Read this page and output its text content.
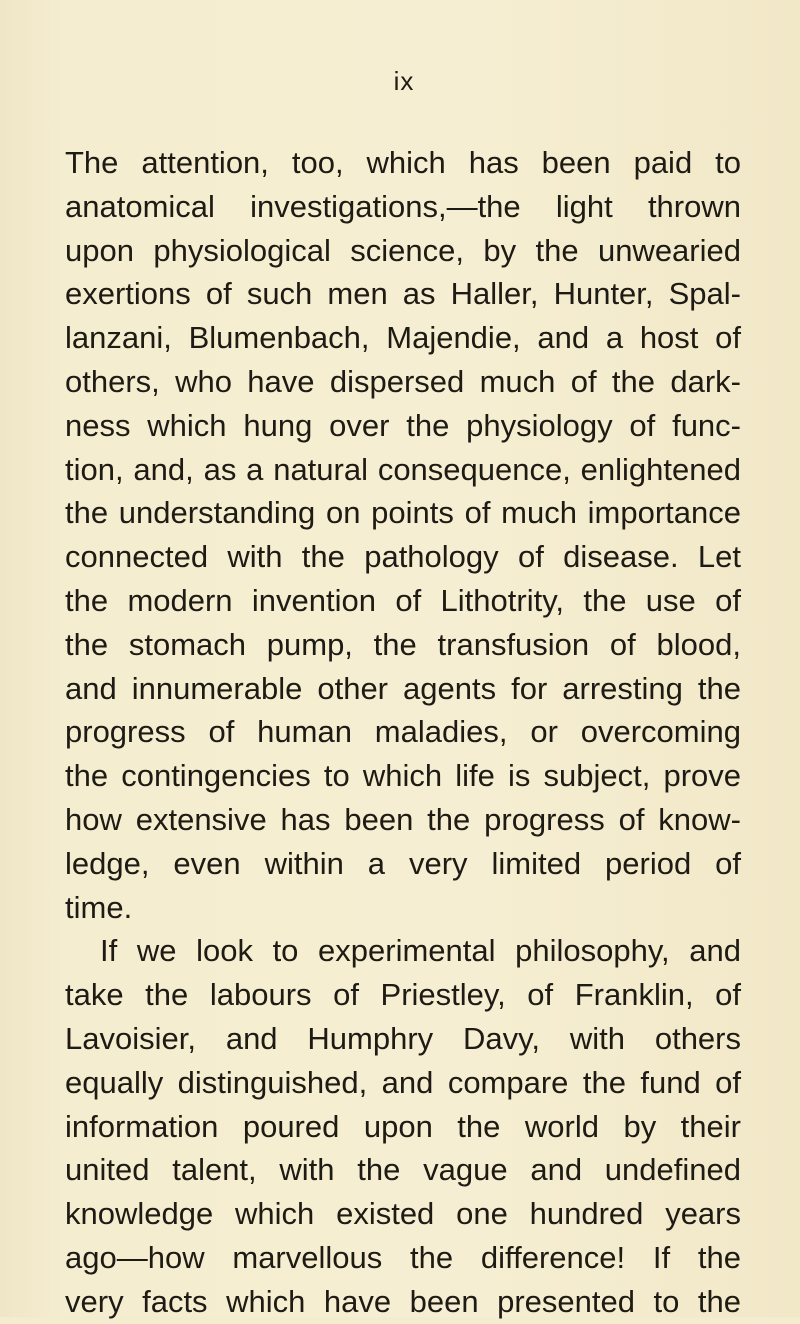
ix
The attention, too, which has been paid to
anatomical investigations,—the light thrown
upon physiological science, by the unwearied
exertions of such men as Haller, Hunter, Spal-
lanzani, Blumenbach, Majendie, and a host of
others, who have dispersed much of the dark-
ness which hung over the physiology of func-
tion, and, as a natural consequence, enlightened
the understanding on points of much importance
connected with the pathology of disease. Let
the modern invention of Lithotrity, the use of
the stomach pump, the transfusion of blood,
and innumerable other agents for arresting the
progress of human maladies, or overcoming
the contingencies to which life is subject, prove
how extensive has been the progress of know-
ledge, even within a very limited period of
time.
If we look to experimental philosophy, and
take the labours of Priestley, of Franklin, of
Lavoisier, and Humphry Davy, with others
equally distinguished, and compare the fund of
information poured upon the world by their
united talent, with the vague and undefined
knowledge which existed one hundred years
ago—how marvellous the difference! If the
very facts which have been presented to the
